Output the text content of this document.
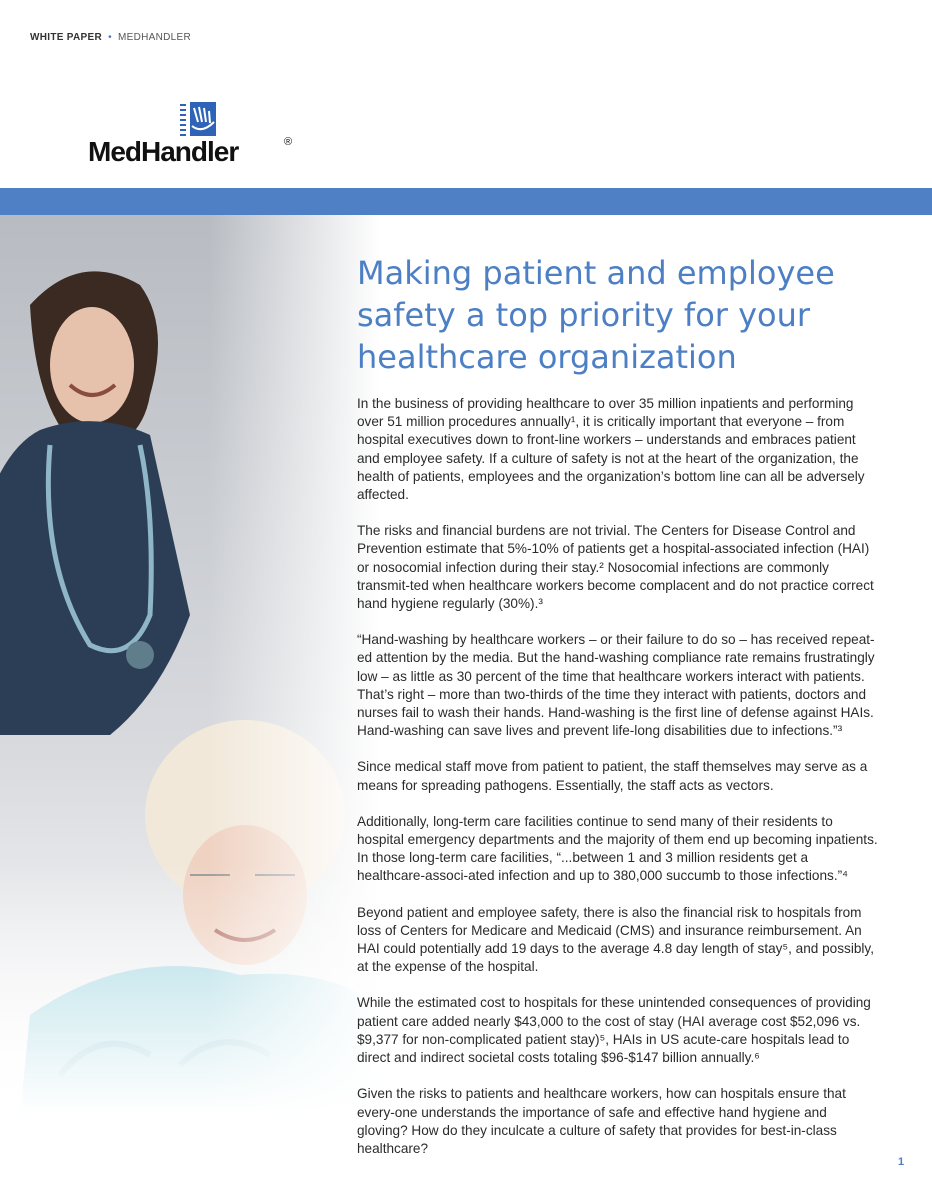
WHITE PAPER • MEDHANDLER
MedHandler	®
Making patient and employee safety a top priority for your healthcare organization

In the business of providing healthcare to over 35 million inpatients and performing over 51 million procedures annually¹, it is critically important that everyone – from hospital executives down to front-line workers – understands and embraces patient and employee safety. If a culture of safety is not at the heart of the organization, the health of patients, employees and the organization’s bottom line can all be adversely affected.

The risks and financial burdens are not trivial. The Centers for Disease Control and Prevention estimate that 5%-10% of patients get a hospital-associated infection (HAI) or nosocomial infection during their stay.² Nosocomial infections are commonly transmit-ted when healthcare workers become complacent and do not practice correct hand hygiene regularly (30%).³

“Hand-washing by healthcare workers – or their failure to do so – has received repeat-ed attention by the media. But the hand-washing compliance rate remains frustratingly low – as little as 30 percent of the time that healthcare workers interact with patients. That’s right – more than two-thirds of the time they interact with patients, doctors and nurses fail to wash their hands. Hand-washing is the first line of defense against HAIs. Hand-washing can save lives and prevent life-long disabilities due to infections.”³

Since medical staff move from patient to patient, the staff themselves may serve as a means for spreading pathogens. Essentially, the staff acts as vectors.

Additionally, long-term care facilities continue to send many of their residents to hospital emergency departments and the majority of them end up becoming inpatients. In those long-term care facilities, “...between 1 and 3 million residents get a healthcare-associ-ated infection and up to 380,000 succumb to those infections.”⁴

Beyond patient and employee safety, there is also the financial risk to hospitals from loss of Centers for Medicare and Medicaid (CMS) and insurance reimbursement. An HAI could potentially add 19 days to the average 4.8 day length of stay⁵, and possibly, at the expense of the hospital.

While the estimated cost to hospitals for these unintended consequences of providing patient care added nearly $43,000 to the cost of stay (HAI average cost $52,096 vs. $9,377 for non-complicated patient stay)⁵, HAIs in US acute-care hospitals lead to direct and indirect societal costs totaling $96-$147 billion annually.⁶

Given the risks to patients and healthcare workers, how can hospitals ensure that every-one understands the importance of safe and effective hand hygiene and gloving? How do they inculcate a culture of safety that provides for best-in-class healthcare?

1
